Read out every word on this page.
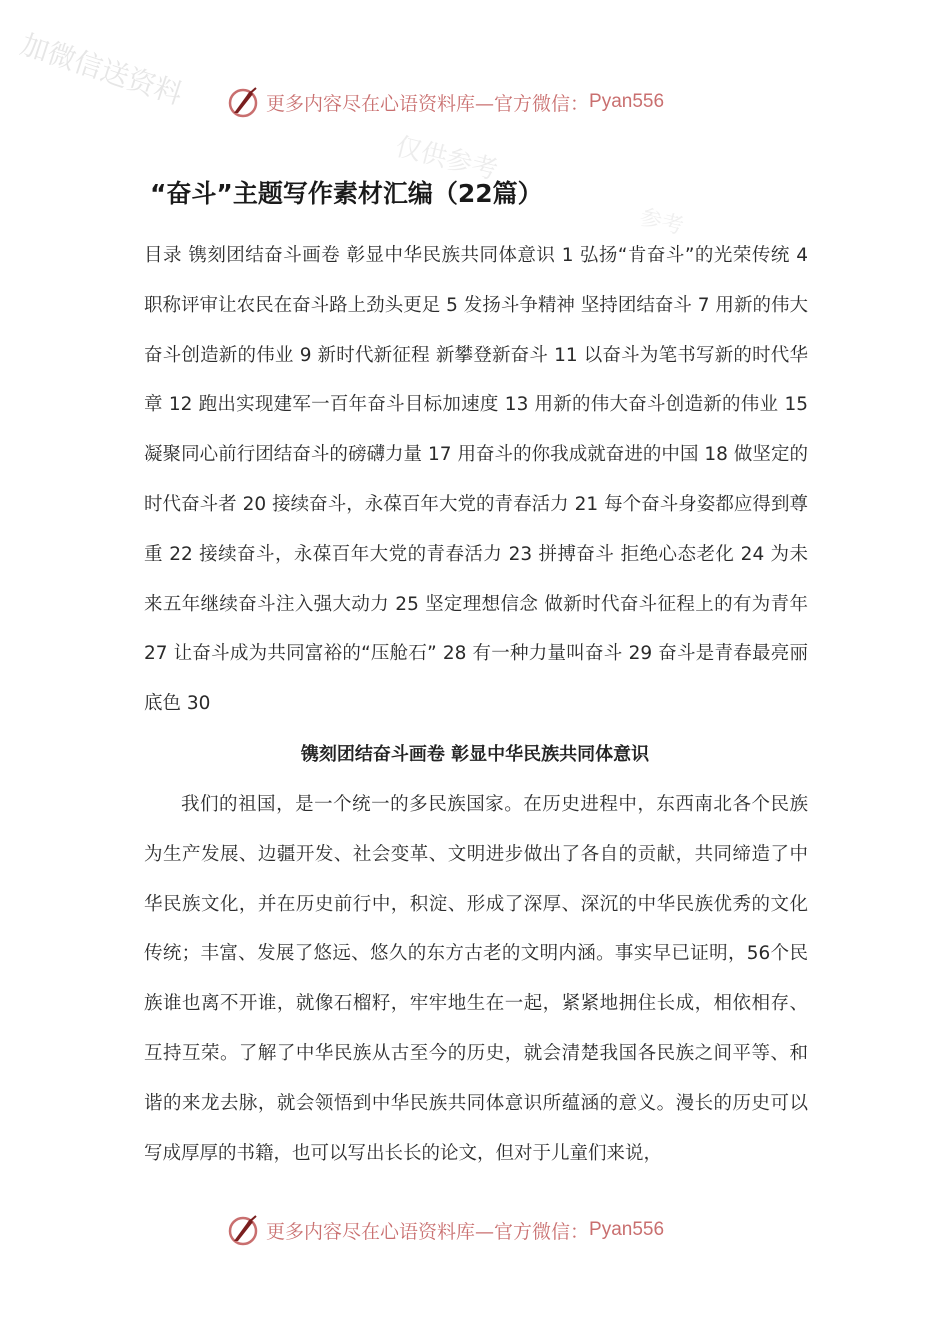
加微信送资料
仅供参考
参考
更多内容尽在心语资料库—官方微信： Pyan556
“奋斗”主题写作素材汇编（22篇）

目录 镌刻团结奋斗画卷 彰显中华民族共同体意识 1 弘扬“肯奋斗”的光荣传统 4 职称评审让农民在奋斗路上劲头更足 5 发扬斗争精神 坚持团结奋斗 7 用新的伟大奋斗创造新的伟业 9 新时代新征程 新攀登新奋斗 11 以奋斗为笔书写新的时代华章 12 跑出实现建军一百年奋斗目标加速度 13 用新的伟大奋斗创造新的伟业 15 凝聚同心前行团结奋斗的磅礴力量 17 用奋斗的你我成就奋进的中国 18 做坚定的时代奋斗者 20 接续奋斗，永葆百年大党的青春活力 21 每个奋斗身姿都应得到尊重 22 接续奋斗，永葆百年大党的青春活力 23 拼搏奋斗 拒绝心态老化 24 为未来五年继续奋斗注入强大动力 25 坚定理想信念 做新时代奋斗征程上的有为青年 27 让奋斗成为共同富裕的“压舱石” 28 有一种力量叫奋斗 29 奋斗是青春最亮丽底色 30

镌刻团结奋斗画卷 彰显中华民族共同体意识

我们的祖国，是一个统一的多民族国家。在历史进程中，东西南北各个民族为生产发展、边疆开发、社会变革、文明进步做出了各自的贡献，共同缔造了中华民族文化，并在历史前行中，积淀、形成了深厚、深沉的中华民族优秀的文化传统；丰富、发展了悠远、悠久的东方古老的文明内涵。事实早已证明，56个民族谁也离不开谁，就像石榴籽，牢牢地生在一起，紧紧地拥住长成，相依相存、互持互荣。了解了中华民族从古至今的历史，就会清楚我国各民族之间平等、和谐的来龙去脉，就会领悟到中华民族共同体意识所蕴涵的意义。漫长的历史可以写成厚厚的书籍，也可以写出长长的论文，但对于儿童们来说，

更多内容尽在心语资料库—官方微信： Pyan556
